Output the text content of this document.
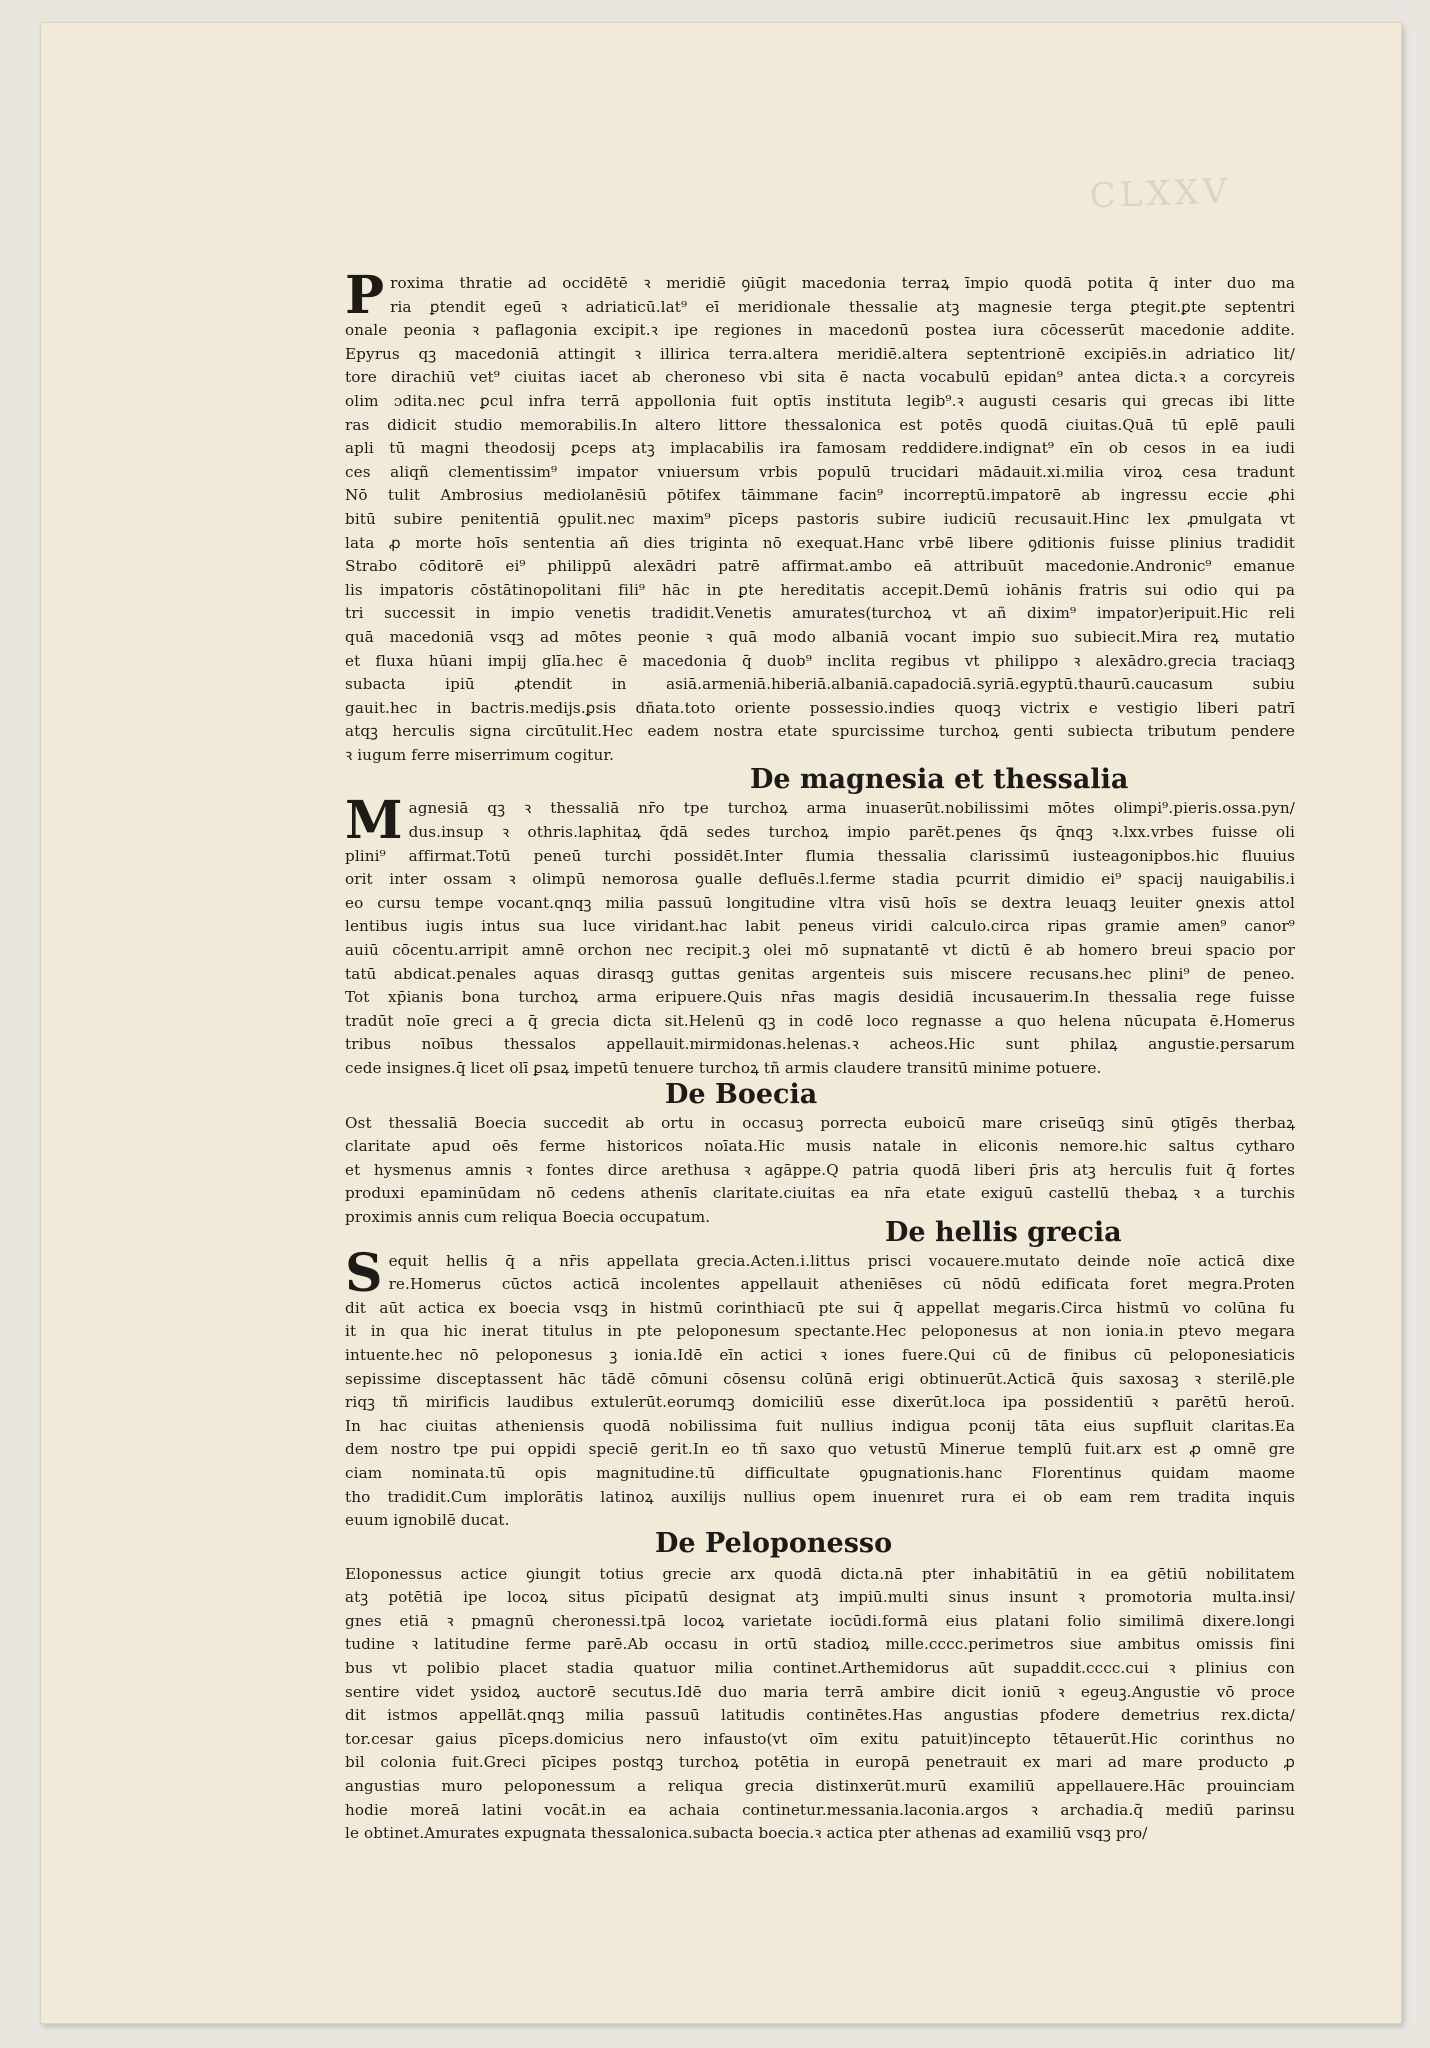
CLXXV
P roxima thratie ad occidētē ꝛ meridiē ꝯiūgit macedonia terraꝝ īmpio quodā potita q̄ inter duo ma

ria ꝑtendit egeū ꝛ adriaticū.lat⁹ eī meridionale thessalie atꝫ magnesie terga ꝑtegit.ꝑte septentri

onale peonia ꝛ paflagonia excipit.ꝛ ipe regiones in macedonū postea iura cōcesserūt macedonie addite.

Epyrus qꝫ macedoniā attingit ꝛ illirica terra.altera meridiē.altera septentrionē excipiēs.in adriatico lit/

tore dirachiū vet⁹ ciuitas iacet ab cheroneso vbi sita ē nacta vocabulū epidan⁹ antea dicta.ꝛ a corcyreis

olim ɔdita.nec ꝑcul infra terrā appollonia fuit optīs instituta legib⁹.ꝛ augusti cesaris qui grecas ibi litte

ras didicit studio memorabilis.In altero littore thessalonica est potēs quodā ciuitas.Quā tū eplē pauli

apli tū magni theodosij ꝑceps atꝫ implacabilis ira famosam reddidere.indignat⁹ eīn ob cesos in ea iudi

ces aliqñ clementissim⁹ impator vniuersum vrbis populū trucidari mādauit.xi.milia viroꝝ cesa tradunt

Nō tulit Ambrosius mediolanēsiū pōtifex tāimmane facin⁹ incorreptū.impatorē ab ingressu eccie ꝓhi

bitū subire penitentiā ꝯpulit.nec maxim⁹ pīceps pastoris subire iudiciū recusauit.Hinc lex ꝓmulgata vt

lata ꝓ morte hoīs sententia añ dies triginta nō exequat.Hanc vrbē libere ꝯditionis fuisse plinius tradidit

Strabo cōditorē ei⁹ philippū alexādri patrē affirmat.ambo eā attribuūt macedonie.Andronic⁹ emanue

lis impatoris cōstātinopolitani fili⁹ hāc in ꝑte hereditatis accepit.Demū iohānis fratris sui odio qui pa

tri successit in impio venetis tradidit.Venetis amurates(turchoꝝ vt añ dixim⁹ impator)eripuit.Hic reli

quā macedoniā vsqꝫ ad mōtes peonie ꝛ quā modo albaniā vocant impio suo subiecit.Mira reꝝ mutatio

et fluxa hūani impij glīa.hec ē macedonia q̄ duob⁹ inclita regibus vt philippo ꝛ alexādro.grecia traciaqꝫ

subacta ipiū ꝓtendit in asiā.armeniā.hiberiā.albaniā.capadociā.syriā.egyptū.thaurū.caucasum subiu

gauit.hec in bactris.medijs.ꝑsis dñata.toto oriente possessio.indies quoqꝫ victrix e vestigio liberi patrī

atqꝫ herculis signa circūtulit.Hec eadem nostra etate spurcissime turchoꝝ genti subiecta tributum pendere

ꝛ iugum ferre miserrimum cogitur.

De magnesia et thessalia
M agnesiā qꝫ ꝛ thessaliā nr̄o tpe turchoꝝ arma inuaserūt.nobilissimi mōtes olimpi⁹.pieris.ossa.pyn/

dus.insup ꝛ othris.laphitaꝝ q̄dā sedes turchoꝝ impio parēt.penes q̄s q̄nqꝫ ꝛ.lxx.vrbes fuisse oli

plini⁹ affirmat.Totū peneū turchi possidēt.Inter flumia thessalia clarissimū iusteagonipbos.hic fluuius

orit inter ossam ꝛ olimpū nemorosa ꝯualle defluēs.l.ferme stadia pcurrit dimidio ei⁹ spacij nauigabilis.i

eo cursu tempe vocant.qnqꝫ milia passuū longitudine vltra visū hoīs se dextra leuaqꝫ leuiter ꝯnexis attol

lentibus iugis intus sua luce viridant.hac labit peneus viridi calculo.circa ripas gramie amen⁹ canor⁹

auiū cōcentu.arripit amnē orchon nec recipit.ꝫ olei mō supnatantē vt dictū ē ab homero breui spacio por

tatū abdicat.penales aquas dirasqꝫ guttas genitas argenteis suis miscere recusans.hec plini⁹ de peneo.

Tot xp̄ianis bona turchoꝝ arma eripuere.Quis nr̄as magis desidiā incusauerim.In thessalia rege fuisse

tradūt noīe greci a q̄ grecia dicta sit.Helenū qꝫ in codē loco regnasse a quo helena nūcupata ē.Homerus

tribus noībus thessalos appellauit.mirmidonas.helenas.ꝛ acheos.Hic sunt philaꝝ angustie.persarum

cede insignes.q̄ licet olī ꝑsaꝝ impetū tenuere turchoꝝ tñ armis claudere transitū minime potuere.

De Boecia

Ost thessaliā Boecia succedit ab ortu in occasuꝫ porrecta euboicū mare criseūqꝫ sinū ꝯtīgēs therbaꝝ

claritate apud oēs ferme historicos noīata.Hic musis natale in eliconis nemore.hic saltus cytharo

et hysmenus amnis ꝛ fontes dirce arethusa ꝛ agāppe.Q patria quodā liberi p̄ris atꝫ herculis fuit q̄ fortes

produxi epaminūdam nō cedens athenīs claritate.ciuitas ea nr̄a etate exiguū castellū thebaꝝ ꝛ a turchis

proximis annis cum reliqua Boecia occupatum.	De hellis grecia
S equit hellis q̄ a nr̄is appellata grecia.Acten.i.littus prisci vocauere.mutato deinde noīe acticā dixe

re.Homerus cūctos acticā incolentes appellauit atheniēses cū nōdū edificata foret megra.Proten

dit aūt actica ex boecia vsqꝫ in histmū corinthiacū pte sui q̄ appellat megaris.Circa histmū vo colūna fu

it in qua hic inerat titulus in pte peloponesum spectante.Hec peloponesus at non ionia.in ptevo megara

intuente.hec nō peloponesus ꝫ ionia.Idē eīn actici ꝛ iones fuere.Qui cū de finibus cū peloponesiaticis

sepissime disceptassent hāc tādē cōmuni cōsensu colūnā erigi obtinuerūt.Acticā q̄uis saxosaꝫ ꝛ sterilē.ple

riqꝫ tñ mirificis laudibus extulerūt.eorumqꝫ domiciliū esse dixerūt.loca ipa possidentiū ꝛ parētū heroū.

In hac ciuitas atheniensis quodā nobilissima fuit nullius indigua pconij tāta eius supfluit claritas.Ea

dem nostro tpe pui oppidi speciē gerit.In eo tñ saxo quo vetustū Minerue templū fuit.arx est ꝓ omnē gre

ciam nominata.tū opis magnitudine.tū difficultate ꝯpugnationis.hanc Florentinus quidam maome

tho tradidit.Cum implorātis latinoꝝ auxilijs nullius opem inuenıret rura ei ob eam rem tradita inquis

euum ignobilē ducat.

De Peloponesso

Eloponessus actice ꝯiungit totius grecie arx quodā dicta.nā pter inhabitātiū in ea gētiū nobilitatem

atꝫ potētiā ipe locoꝝ situs pīcipatū designat atꝫ impiū.multi sinus insunt ꝛ promotoria multa.insi/

gnes etiā ꝛ pmagnū cheronessi.tpā locoꝝ varietate iocūdi.formā eius platani folio similimā dixere.longi

tudine ꝛ latitudine ferme parē.Ab occasu in ortū stadioꝝ mille.cccc.perimetros siue ambitus omissis fini

bus vt polibio placet stadia quatuor milia continet.Arthemidorus aūt supaddit.cccc.cui ꝛ plinius con

sentire videt ysidoꝝ auctorē secutus.Idē duo maria terrā ambire dicit ioniū ꝛ egeuꝫ.Angustie vō proce

dit istmos appellāt.qnqꝫ milia passuū latitudis continētes.Has angustias pfodere demetrius rex.dicta/

tor.cesar gaius pīceps.domicius nero infausto(vt oīm exitu patuit)incepto tētauerūt.Hic corinthus no

bil colonia fuit.Greci pīcipes postqꝫ turchoꝝ potētia in europā penetrauit ex mari ad mare producto ꝓ

angustias muro peloponessum a reliqua grecia distinxerūt.murū examiliū appellauere.Hāc prouinciam

hodie moreā latini vocāt.in ea achaia continetur.messania.laconia.argos ꝛ archadia.q̄ mediū parinsu

le obtinet.Amurates expugnata thessalonica.subacta boecia.ꝛ actica pter athenas ad examiliū vsqꝫ pro/
